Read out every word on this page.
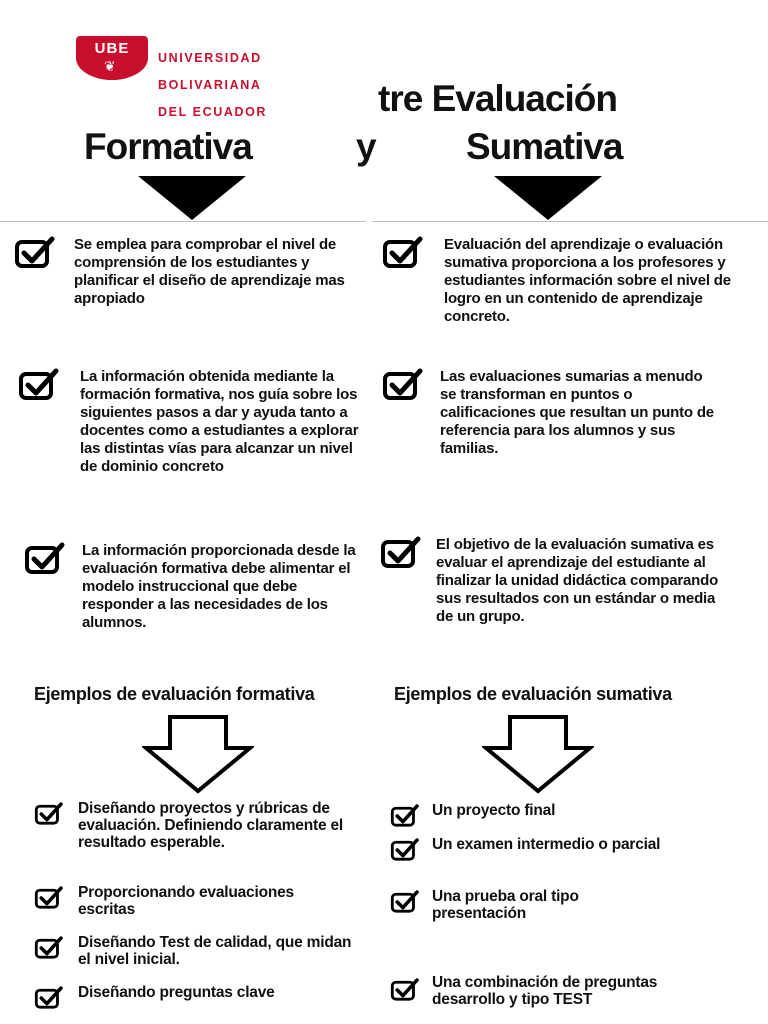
UBE
❦

UNIVERSIDAD

BOLIVARIANA

DEL ECUADOR	tre Evaluación
Formativa	y Sumativa
Se emplea para comprobar el nivel de comprensión de los estudiantes y planificar el diseño de aprendizaje mas apropiado
La información obtenida mediante la formación formativa, nos guía sobre los siguientes pasos a dar y ayuda tanto a docentes como a estudiantes a explorar las distintas vías para alcanzar un nivel de dominio concreto
La información proporcionada desde la evaluación formativa debe alimentar el modelo instruccional que debe responder a las necesidades de los alumnos.
Evaluación del aprendizaje o evaluación sumativa proporciona a los profesores y estudiantes información sobre el nivel de logro en un contenido de aprendizaje concreto.
Las evaluaciones sumarias a menudo se transforman en puntos o calificaciones que resultan un punto de referencia para los alumnos y sus familias.
El objetivo de la evaluación sumativa es evaluar el aprendizaje del estudiante al finalizar la unidad didáctica comparando sus resultados con un estándar o media de un grupo.
Ejemplos de evaluación formativa	Ejemplos de evaluación sumativa
Diseñando proyectos y rúbricas de evaluación. Definiendo claramente el resultado esperable.
Proporcionando evaluaciones escritas
Diseñando Test de calidad, que midan el nivel inicial.
Diseñando preguntas clave
Un proyecto final
Un examen intermedio o parcial
Una prueba oral tipo presentación
Una combinación de preguntas desarrollo y tipo TEST
